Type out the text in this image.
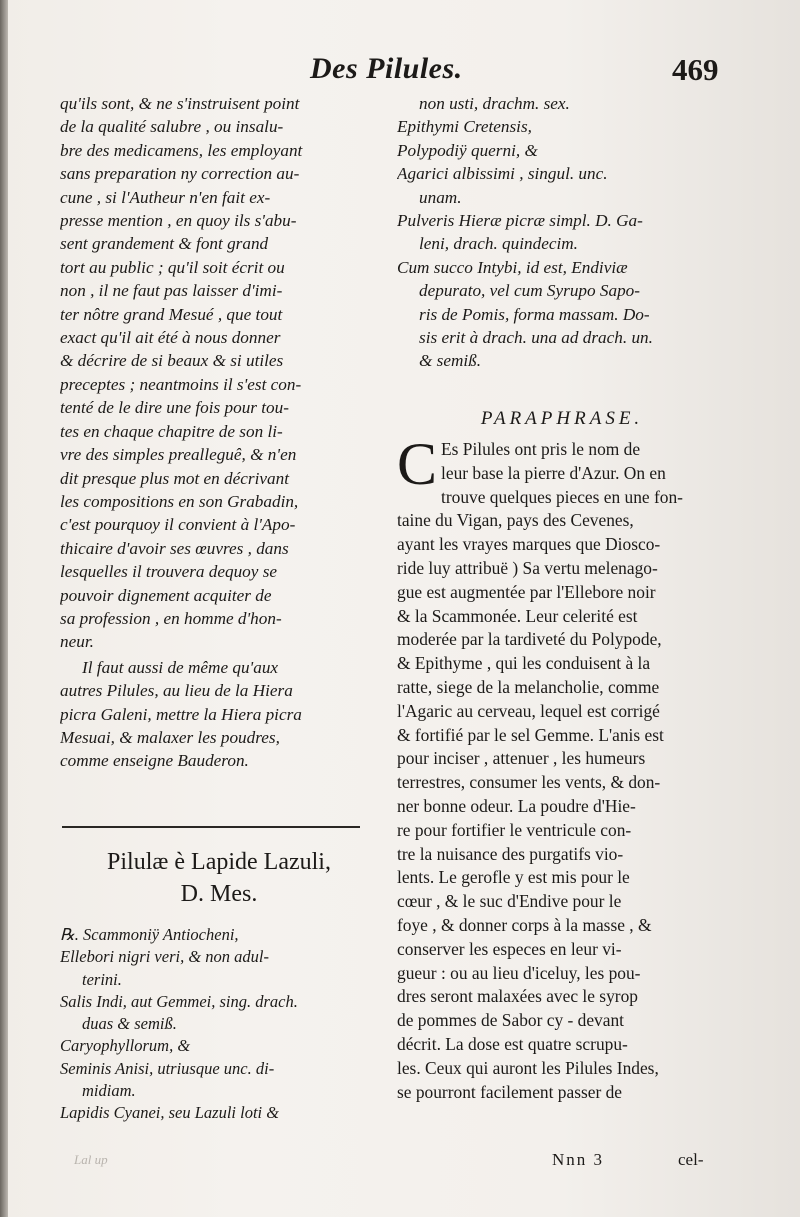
Des Pilules.	469

qu'ils sont, & ne s'instruisent point
de la qualité salubre , ou insalu-
bre des medicamens, les employant
sans preparation ny correction au-
cune , si l'Autheur n'en fait ex-
presse mention , en quoy ils s'abu-
sent grandement & font grand
tort au public ; qu'il soit écrit ou
non , il ne faut pas laisser d'imi-
ter nôtre grand Mesué , que tout
exact qu'il ait été à nous donner
& décrire de si beaux & si utiles
preceptes ; neantmoins il s'est con-
tenté de le dire une fois pour tou-
tes en chaque chapitre de son li-
vre des simples prealleguê, & n'en
dit presque plus mot en décrivant
les compositions en son Grabadin,
c'est pourquoy il convient à l'Apo-
thicaire d'avoir ses œuvres , dans
lesquelles il trouvera dequoy se
pouvoir dignement acquiter de
sa profession , en homme d'hon-
neur.

Il faut aussi de même qu'aux
autres Pilules, au lieu de la Hiera
picra Galeni, mettre la Hiera picra
Mesuai, & malaxer les poudres,
comme enseigne Bauderon.

Pilulæ è Lapide Lazuli,
D. Mes.
℞. Scammoniÿ Antiocheni,
Ellebori nigri veri, & non adul-
terini.
Salis Indi, aut Gemmei, sing. drach.
duas & semiß.
Caryophyllorum, &
Seminis Anisi, utriusque unc. di-
midiam.
Lapidis Cyanei, seu Lazuli loti &
non usti, drachm. sex.
Epithymi Cretensis,
Polypodiÿ querni, &
Agarici albissimi , singul. unc.
unam.
Pulveris Hieræ picræ simpl. D. Ga-
leni, drach. quindecim.
Cum succo Intybi, id est, Endiviæ
depurato, vel cum Syrupo Sapo-
ris de Pomis, forma massam. Do-
sis erit à drach. una ad drach. un.
& semiß.
PARAPHRASE.
C Es Pilules ont pris le nom de
leur base la pierre d'Azur. On en
trouve quelques pieces en une fon-
taine du Vigan, pays des Cevenes,
ayant les vrayes marques que Diosco-
ride luy attribuë ) Sa vertu melenago-
gue est augmentée par l'Ellebore noir
& la Scammonée. Leur celerité est
moderée par la tardiveté du Polypode,
& Epithyme , qui les conduisent à la
ratte, siege de la melancholie, comme
l'Agaric au cerveau, lequel est corrigé
& fortifié par le sel Gemme. L'anis est
pour inciser , attenuer , les humeurs
terrestres, consumer les vents, & don-
ner bonne odeur. La poudre d'Hie-
re pour fortifier le ventricule con-
tre la nuisance des purgatifs vio-
lents. Le gerofle y est mis pour le
cœur , & le suc d'Endive pour le
foye , & donner corps à la masse , &
conserver les especes en leur vi-
gueur : ou au lieu d'iceluy, les pou-
dres seront malaxées avec le syrop
de pommes de Sabor cy - devant
décrit. La dose est quatre scrupu-
les. Ceux qui auront les Pilules Indes,
se pourront facilement passer de
Lal up	Nnn 3	cel-
